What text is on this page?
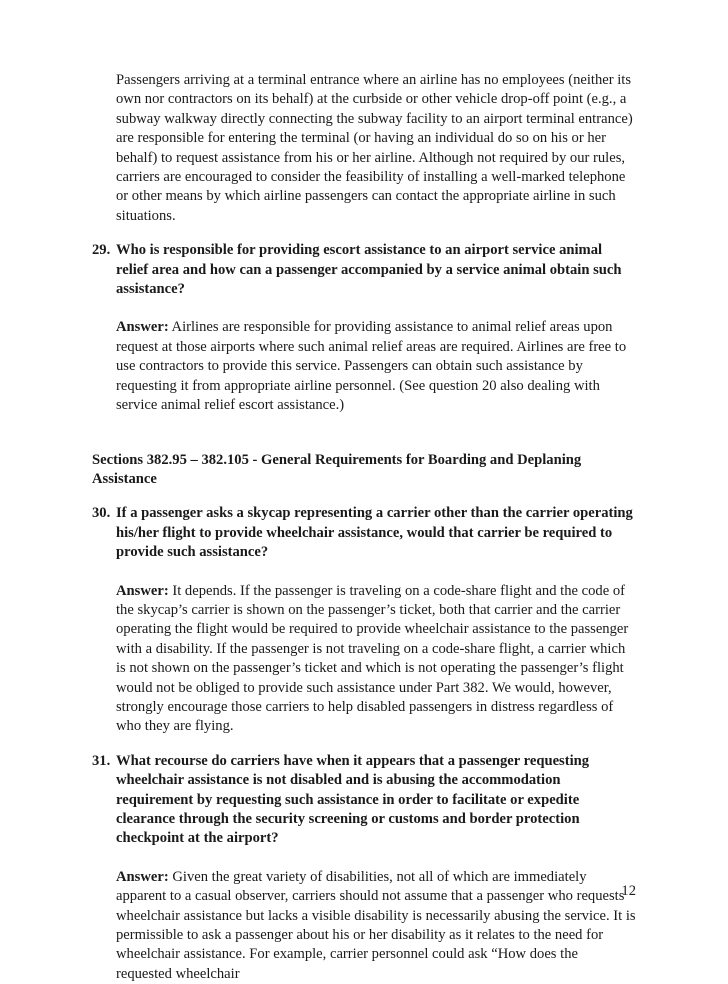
Passengers arriving at a terminal entrance where an airline has no employees (neither its own nor contractors on its behalf) at the curbside or other vehicle drop-off point (e.g., a subway walkway directly connecting the subway facility to an airport terminal entrance) are responsible for entering the terminal (or having an individual do so on his or her behalf) to request assistance from his or her airline. Although not required by our rules, carriers are encouraged to consider the feasibility of installing a well-marked telephone or other means by which airline passengers can contact the appropriate airline in such situations.

29. Who is responsible for providing escort assistance to an airport service animal relief area and how can a passenger accompanied by a service animal obtain such assistance?

Answer: Airlines are responsible for providing assistance to animal relief areas upon request at those airports where such animal relief areas are required. Airlines are free to use contractors to provide this service. Passengers can obtain such assistance by requesting it from appropriate airline personnel. (See question 20 also dealing with service animal relief escort assistance.)

Sections 382.95 – 382.105 - General Requirements for Boarding and Deplaning Assistance

30. If a passenger asks a skycap representing a carrier other than the carrier operating his/her flight to provide wheelchair assistance, would that carrier be required to provide such assistance?

Answer: It depends. If the passenger is traveling on a code-share flight and the code of the skycap’s carrier is shown on the passenger’s ticket, both that carrier and the carrier operating the flight would be required to provide wheelchair assistance to the passenger with a disability. If the passenger is not traveling on a code-share flight, a carrier which is not shown on the passenger’s ticket and which is not operating the passenger’s flight would not be obliged to provide such assistance under Part 382. We would, however, strongly encourage those carriers to help disabled passengers in distress regardless of who they are flying.

31. What recourse do carriers have when it appears that a passenger requesting wheelchair assistance is not disabled and is abusing the accommodation requirement by requesting such assistance in order to facilitate or expedite clearance through the security screening or customs and border protection checkpoint at the airport?

Answer: Given the great variety of disabilities, not all of which are immediately apparent to a casual observer, carriers should not assume that a passenger who requests wheelchair assistance but lacks a visible disability is necessarily abusing the service. It is permissible to ask a passenger about his or her disability as it relates to the need for wheelchair assistance. For example, carrier personnel could ask “How does the requested wheelchair

12
